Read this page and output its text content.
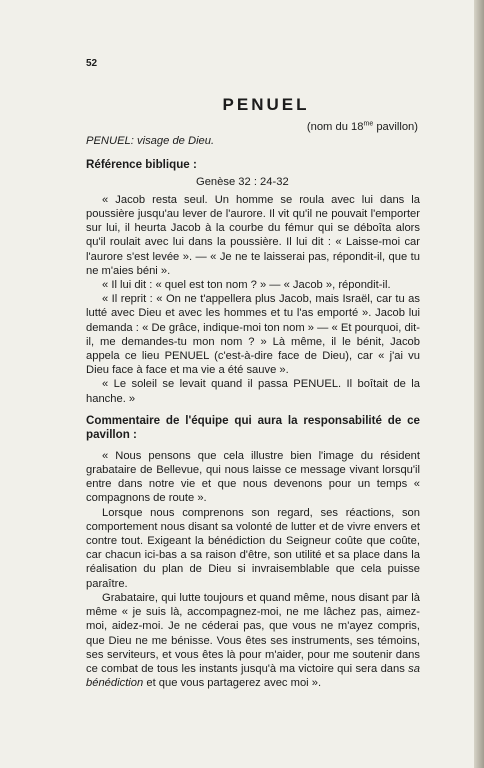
52

PENUEL

(nom du $18^{me}$ pavillon)

PENUEL: visage de Dieu.

Référence biblique :

Genèse 32 : 24-32

« Jacob resta seul. Un homme se roula avec lui dans la poussière jusqu'au lever de l'aurore. Il vit qu'il ne pouvait l'emporter sur lui, il heurta Jacob à la courbe du fémur qui se déboîta alors qu'il roulait avec lui dans la poussière. Il lui dit : « Laisse-moi car l'aurore s'est levée ». — « Je ne te laisserai pas, répondit-il, que tu ne m'aies béni ».

« Il lui dit : « quel est ton nom ? » — « Jacob », répondit-il.

« Il reprit : « On ne t'appellera plus Jacob, mais Israël, car tu as lutté avec Dieu et avec les hommes et tu l'as emporté ». Jacob lui demanda : « De grâce, indique-moi ton nom » — « Et pourquoi, dit-il, me demandes-tu mon nom ? » Là même, il le bénit, Jacob appela ce lieu PENUEL (c'est-à-dire face de Dieu), car « j'ai vu Dieu face à face et ma vie a été sauve ».

« Le soleil se levait quand il passa PENUEL. Il boîtait de la hanche. »

Commentaire de l'équipe qui aura la responsabilité de ce pavillon :

« Nous pensons que cela illustre bien l'image du résident grabataire de Bellevue, qui nous laisse ce message vivant lorsqu'il entre dans notre vie et que nous devenons pour un temps « compagnons de route ».

Lorsque nous comprenons son regard, ses réactions, son comportement nous disant sa volonté de lutter et de vivre envers et contre tout. Exigeant la bénédiction du Seigneur coûte que coûte, car chacun ici-bas a sa raison d'être, son utilité et sa place dans la réalisation du plan de Dieu si invraisemblable que cela puisse paraître.

Grabataire, qui lutte toujours et quand même, nous disant par là même « je suis là, accompagnez-moi, ne me lâchez pas, aimez-moi, aidez-moi. Je ne céderai pas, que vous ne m'ayez compris, que Dieu ne me bénisse. Vous êtes ses instruments, ses témoins, ses serviteurs, et vous êtes là pour m'aider, pour me soutenir dans ce combat de tous les instants jusqu'à ma victoire qui sera dans sa bénédiction et que vous partagerez avec moi ».
